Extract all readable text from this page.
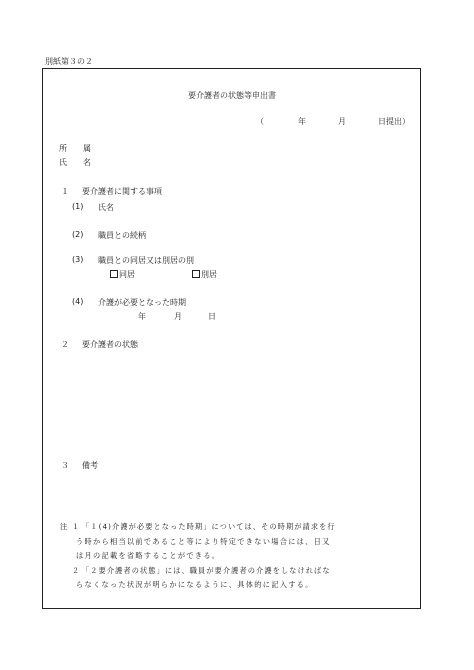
別紙第３の２
要介護者の状態等申出書
（	年	月	日提出）
所　属
氏　名
１ 要介護者に関する事項
(1) 氏名
(2) 職員との続柄
(3) 職員との同居又は別居の別
同居	別居
(4) 介護が必要となった時期
年	月	日
２ 要介護者の状態
３ 備考
注 １ 「１(4)介護が必要となった時期」については、その時期が請求を行
う時から相当以前であること等により特定できない場合には、日又
は月の記載を省略することができる。
２ 「２要介護者の状態」には、職員が要介護者の介護をしなければな
らなくなった状況が明らかになるように、具体的に記入する。
